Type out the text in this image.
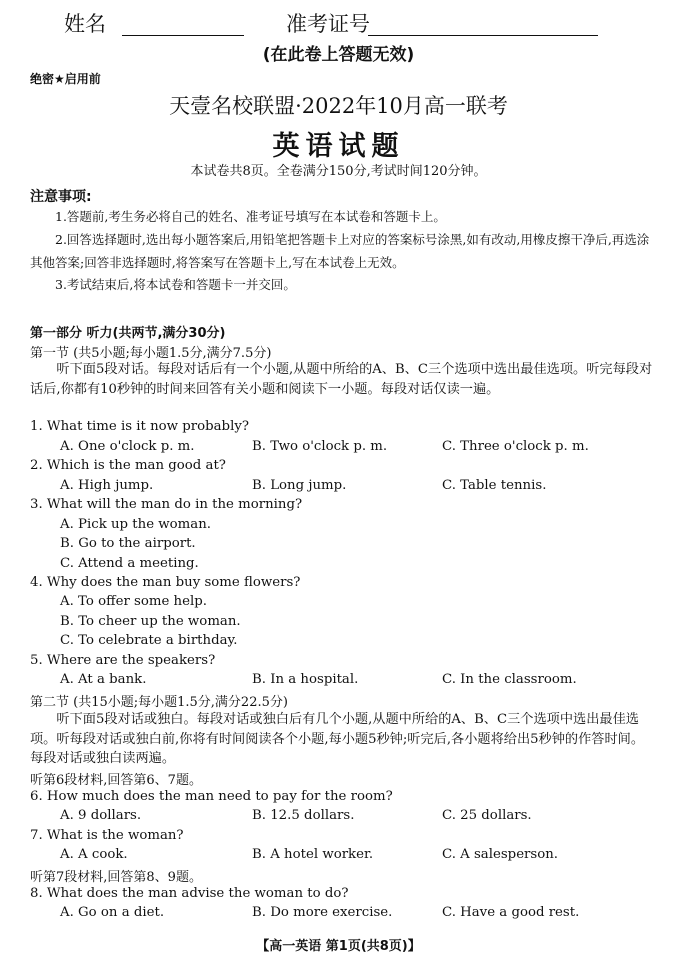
姓名	准考证号
(在此卷上答题无效)
绝密★启用前
天壹名校联盟·2022年10月高一联考
英语试题
本试卷共8页。全卷满分150分,考试时间120分钟。
注意事项:
1.答题前,考生务必将自己的姓名、准考证号填写在本试卷和答题卡上。
2.回答选择题时,选出每小题答案后,用铅笔把答题卡上对应的答案标号涂黑,如有改动,用橡皮擦干净后,再选涂其他答案;回答非选择题时,将答案写在答题卡上,写在本试卷上无效。
3.考试结束后,将本试卷和答题卡一并交回。
第一部分 听力(共两节,满分30分)
第一节 (共5小题;每小题1.5分,满分7.5分)
听下面5段对话。每段对话后有一个小题,从题中所给的A、B、C三个选项中选出最佳选项。听完每段对话后,你都有10秒钟的时间来回答有关小题和阅读下一小题。每段对话仅读一遍。
1. What time is it now probably?
A. One o'clock p. m.	B. Two o'clock p. m.	C. Three o'clock p. m.
2. Which is the man good at?
A. High jump.	B. Long jump.	C. Table tennis.
3. What will the man do in the morning?
A. Pick up the woman.
B. Go to the airport.
C. Attend a meeting.
4. Why does the man buy some flowers?
A. To offer some help.
B. To cheer up the woman.
C. To celebrate a birthday.
5. Where are the speakers?
A. At a bank.	B. In a hospital.	C. In the classroom.
第二节 (共15小题;每小题1.5分,满分22.5分)
听下面5段对话或独白。每段对话或独白后有几个小题,从题中所给的A、B、C三个选项中选出最佳选项。听每段对话或独白前,你将有时间阅读各个小题,每小题5秒钟;听完后,各小题将给出5秒钟的作答时间。每段对话或独白读两遍。
听第6段材料,回答第6、7题。
6. How much does the man need to pay for the room?
A. 9 dollars.	B. 12.5 dollars.	C. 25 dollars.
7. What is the woman?
A. A cook.	B. A hotel worker.	C. A salesperson.
听第7段材料,回答第8、9题。
8. What does the man advise the woman to do?
A. Go on a diet.	B. Do more exercise.	C. Have a good rest.
【高一英语 第1页(共8页)】
